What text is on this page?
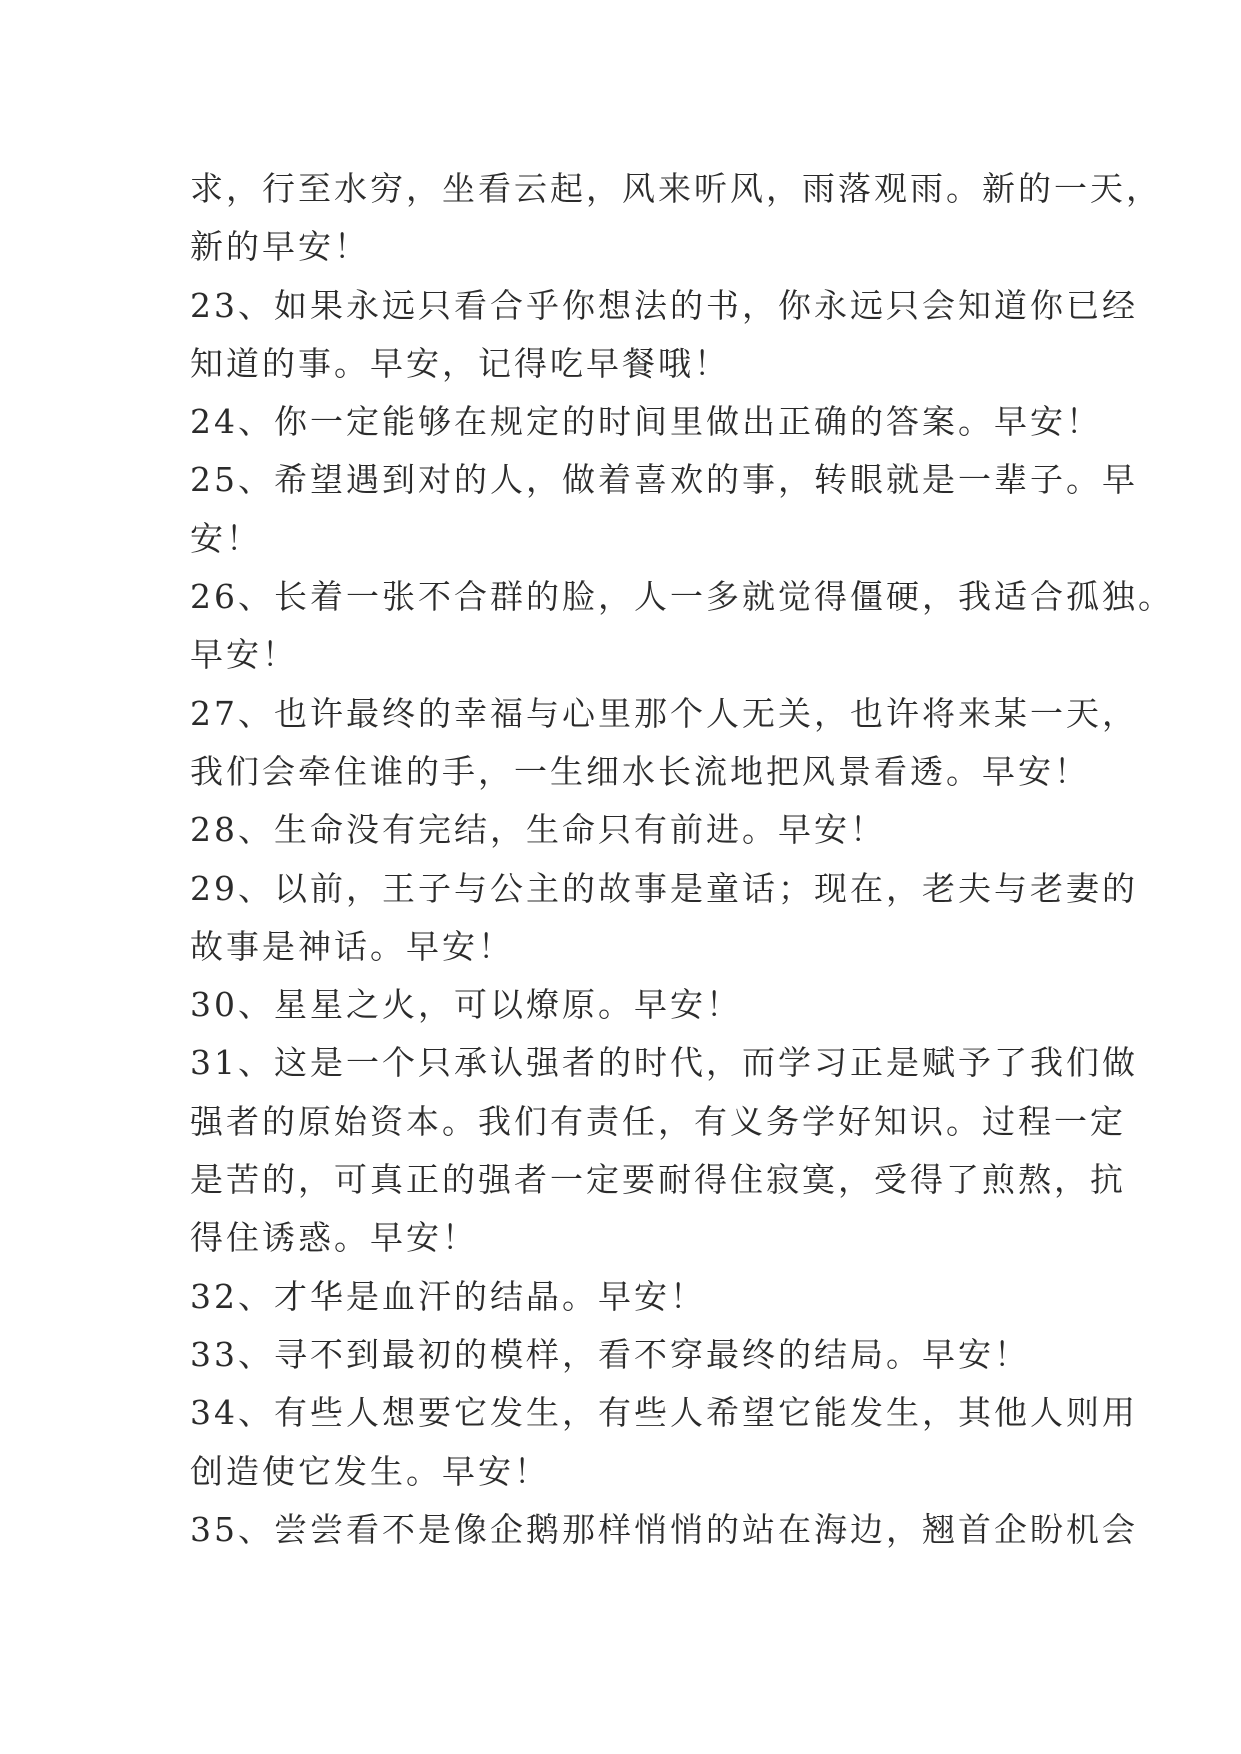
求，行至水穷，坐看云起，风来听风，雨落观雨。新的一天，
新的早安！
23、如果永远只看合乎你想法的书，你永远只会知道你已经
知道的事。早安，记得吃早餐哦！
24、你一定能够在规定的时间里做出正确的答案。早安！
25、希望遇到对的人，做着喜欢的事，转眼就是一辈子。早
安！
26、长着一张不合群的脸，人一多就觉得僵硬，我适合孤独。
早安！
27、也许最终的幸福与心里那个人无关，也许将来某一天，
我们会牵住谁的手，一生细水长流地把风景看透。早安！
28、生命没有完结，生命只有前进。早安！
29、以前，王子与公主的故事是童话；现在，老夫与老妻的
故事是神话。早安！
30、星星之火，可以燎原。早安！
31、这是一个只承认强者的时代，而学习正是赋予了我们做
强者的原始资本。我们有责任，有义务学好知识。过程一定
是苦的，可真正的强者一定要耐得住寂寞，受得了煎熬，抗
得住诱惑。早安！
32、才华是血汗的结晶。早安！
33、寻不到最初的模样，看不穿最终的结局。早安！
34、有些人想要它发生，有些人希望它能发生，其他人则用
创造使它发生。早安！
35、尝尝看不是像企鹅那样悄悄的站在海边，翘首企盼机会
